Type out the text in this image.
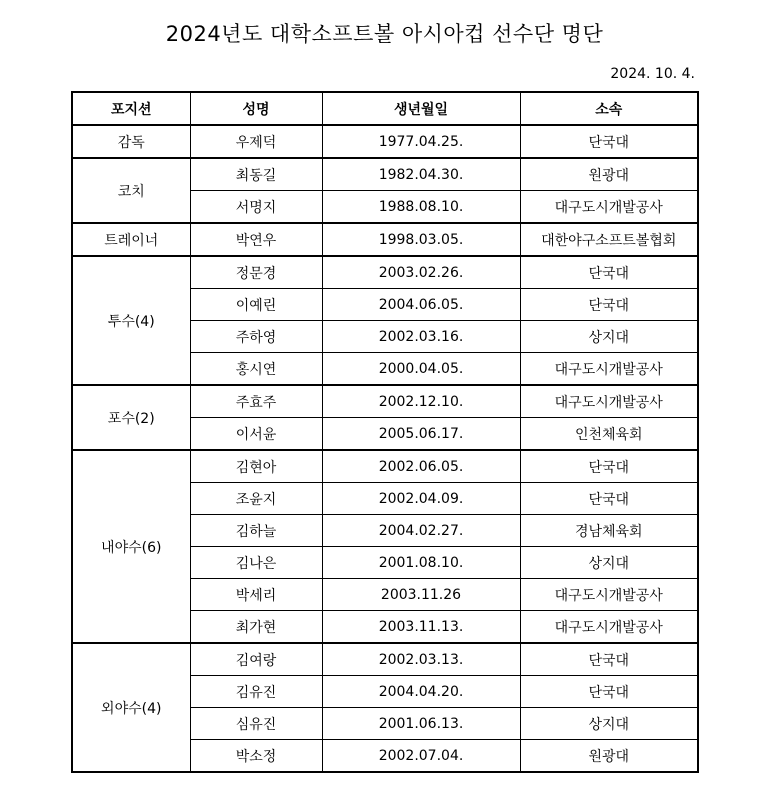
2024년도 대학소프트볼 아시아컵 선수단 명단
2024. 10. 4.
포지션	성명	생년월일	소속
감독	우제덕	1977.04.25.	단국대
코치	최동길	1982.04.30.	원광대
	서명지	1988.08.10.	대구도시개발공사
트레이너	박연우	1998.03.05.	대한야구소프트볼협회
투수(4)	정문경	2003.02.26.	단국대
	이예린	2004.06.05.	단국대
	주하영	2002.03.16.	상지대
	홍시연	2000.04.05.	대구도시개발공사
포수(2)	주효주	2002.12.10.	대구도시개발공사
	이서윤	2005.06.17.	인천체육회
내야수(6)	김현아	2002.06.05.	단국대
	조윤지	2002.04.09.	단국대
	김하늘	2004.02.27.	경남체육회
	김나은	2001.08.10.	상지대
	박세리	2003.11.26	대구도시개발공사
	최가현	2003.11.13.	대구도시개발공사
외야수(4)	김여랑	2002.03.13.	단국대
	김유진	2004.04.20.	단국대
	심유진	2001.06.13.	상지대
	박소정	2002.07.04.	원광대
